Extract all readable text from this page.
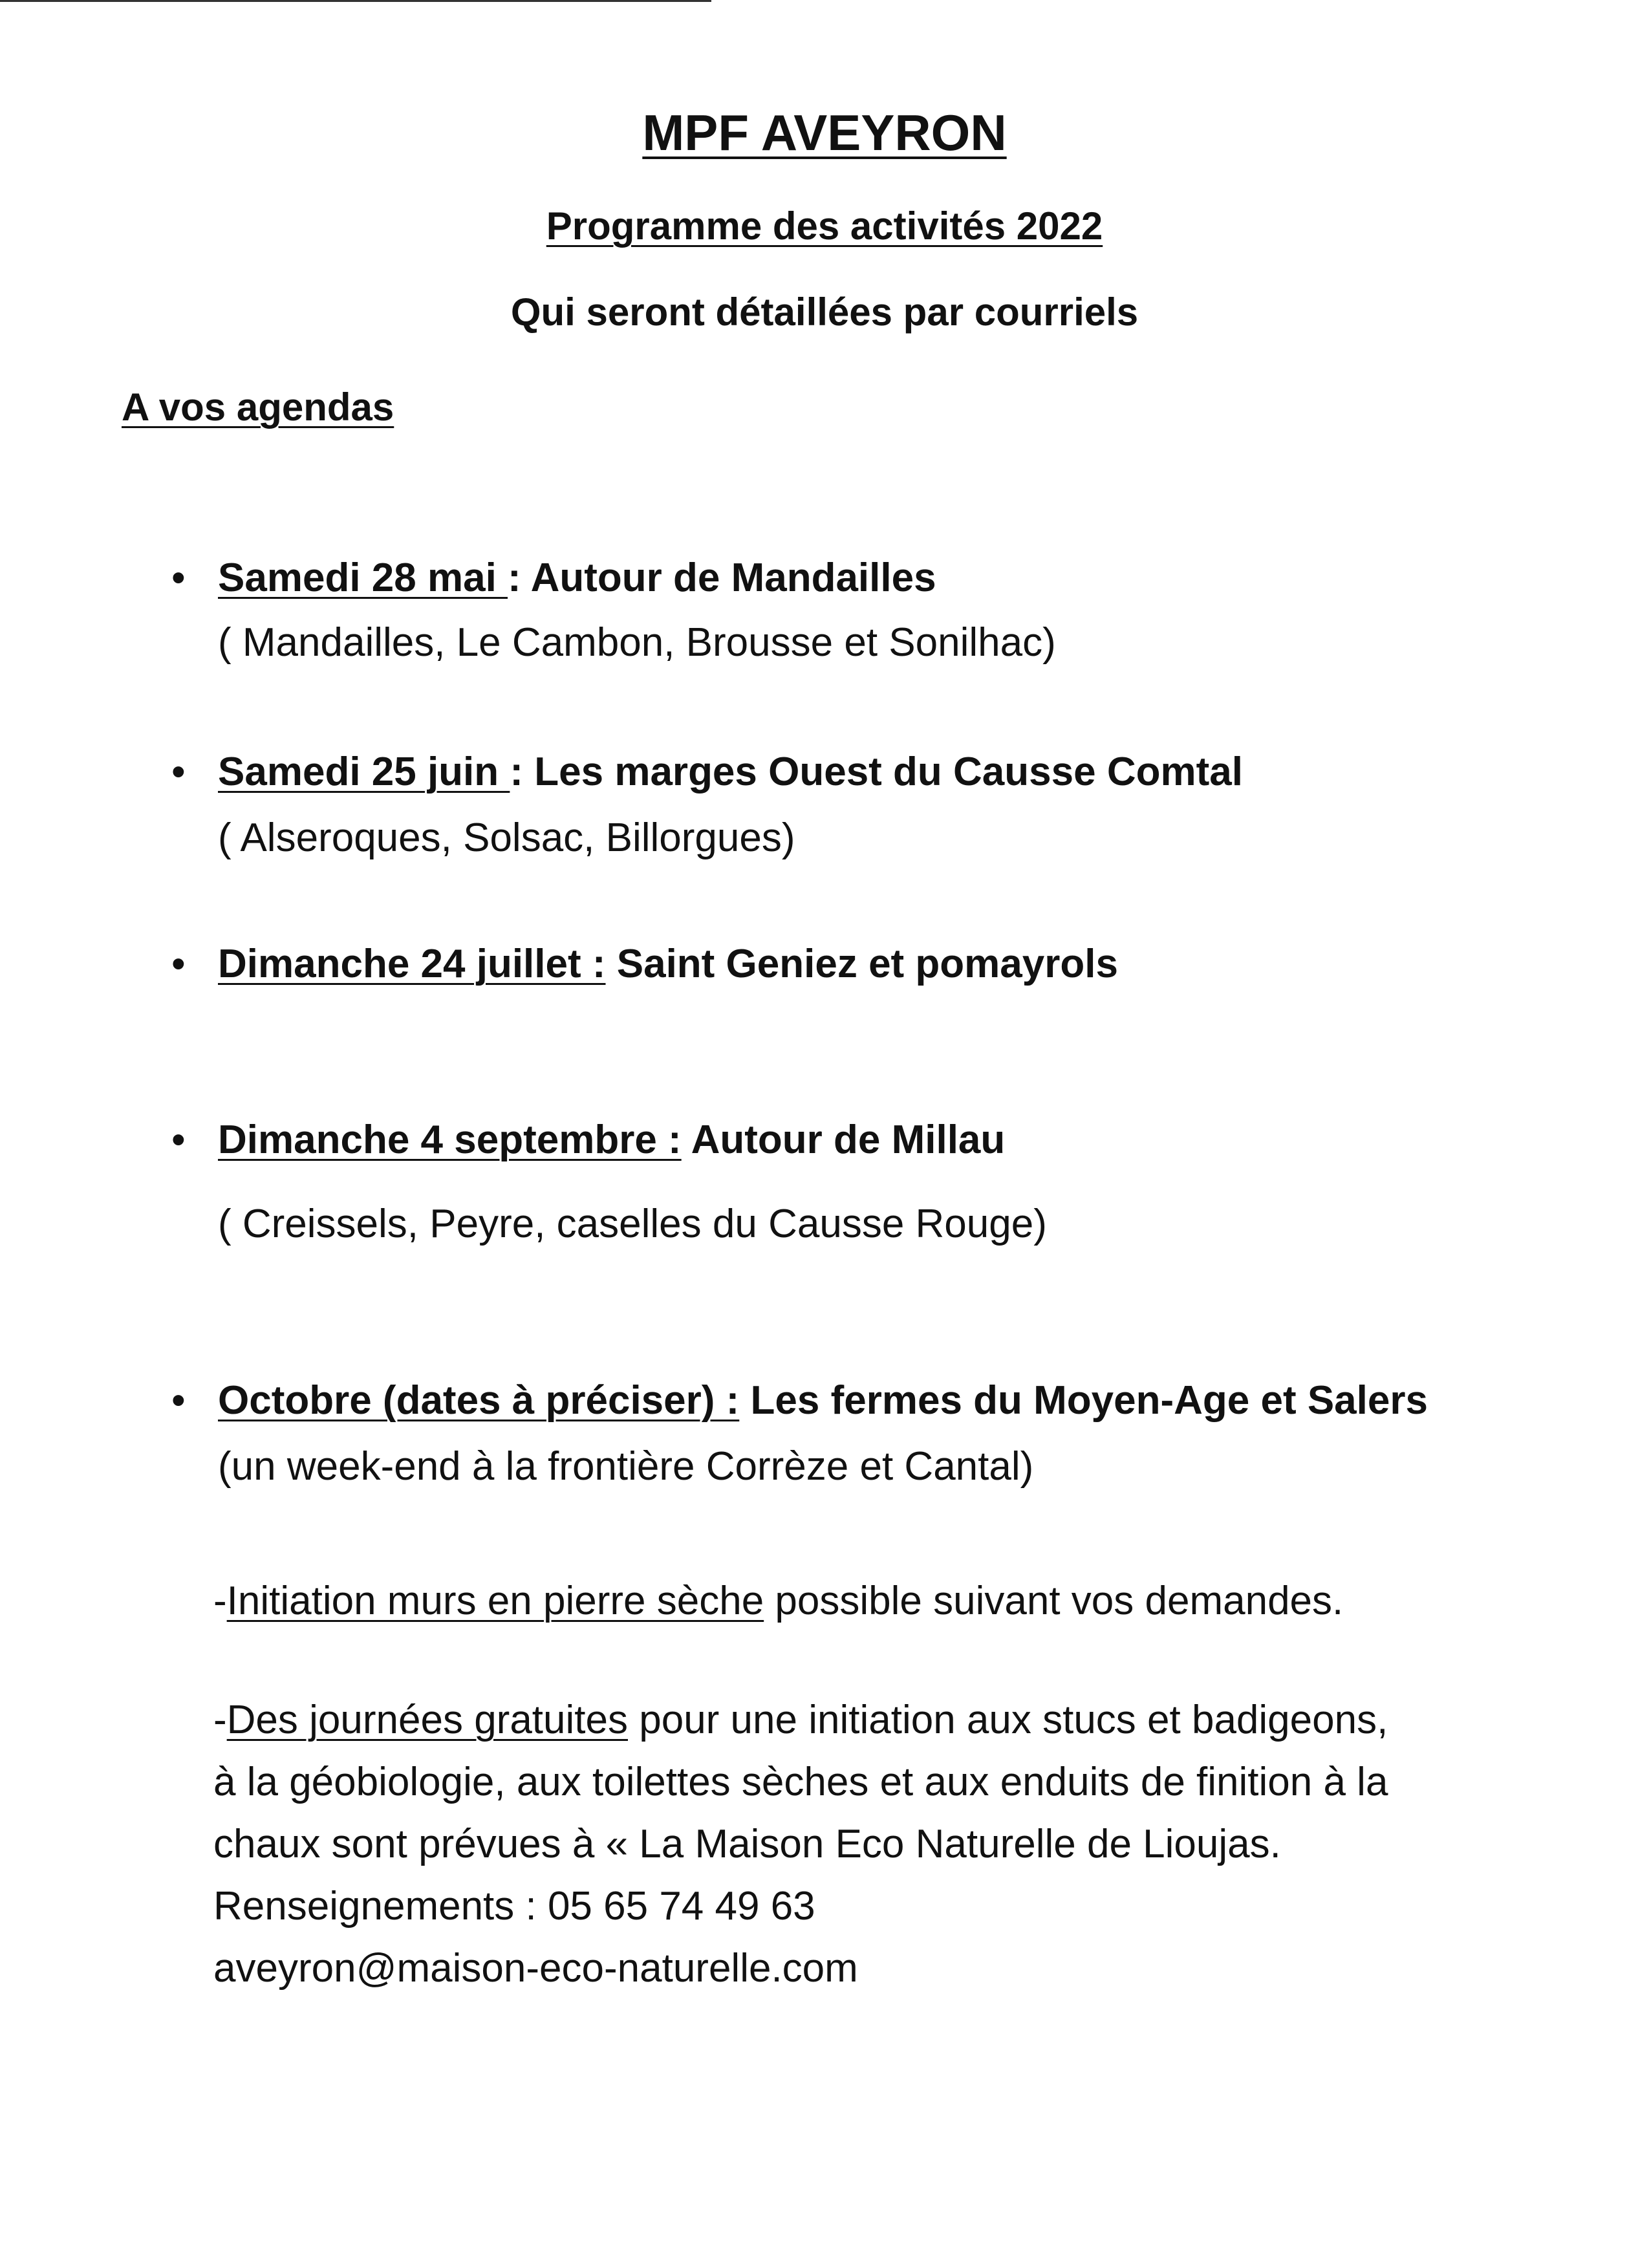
MPF AVEYRON
Programme des activités 2022
Qui seront détaillées par courriels
A vos agendas
• Samedi 28 mai : Autour de Mandailles
( Mandailles, Le Cambon, Brousse et Sonilhac)
• Samedi 25 juin : Les marges Ouest du Causse Comtal
( Alseroques, Solsac, Billorgues)
• Dimanche 24 juillet : Saint Geniez et pomayrols
• Dimanche 4 septembre : Autour de Millau
( Creissels, Peyre, caselles du Causse Rouge)
• Octobre (dates à préciser) : Les fermes du Moyen-Age et Salers
(un week-end à la frontière Corrèze et Cantal)
-Initiation murs en pierre sèche possible suivant vos demandes.
-Des journées gratuites pour une initiation aux stucs et badigeons,
à la géobiologie, aux toilettes sèches et aux enduits de finition à la
chaux sont prévues à « La Maison Eco Naturelle de Lioujas.
Renseignements : 05 65 74 49 63
aveyron@maison-eco-naturelle.com
